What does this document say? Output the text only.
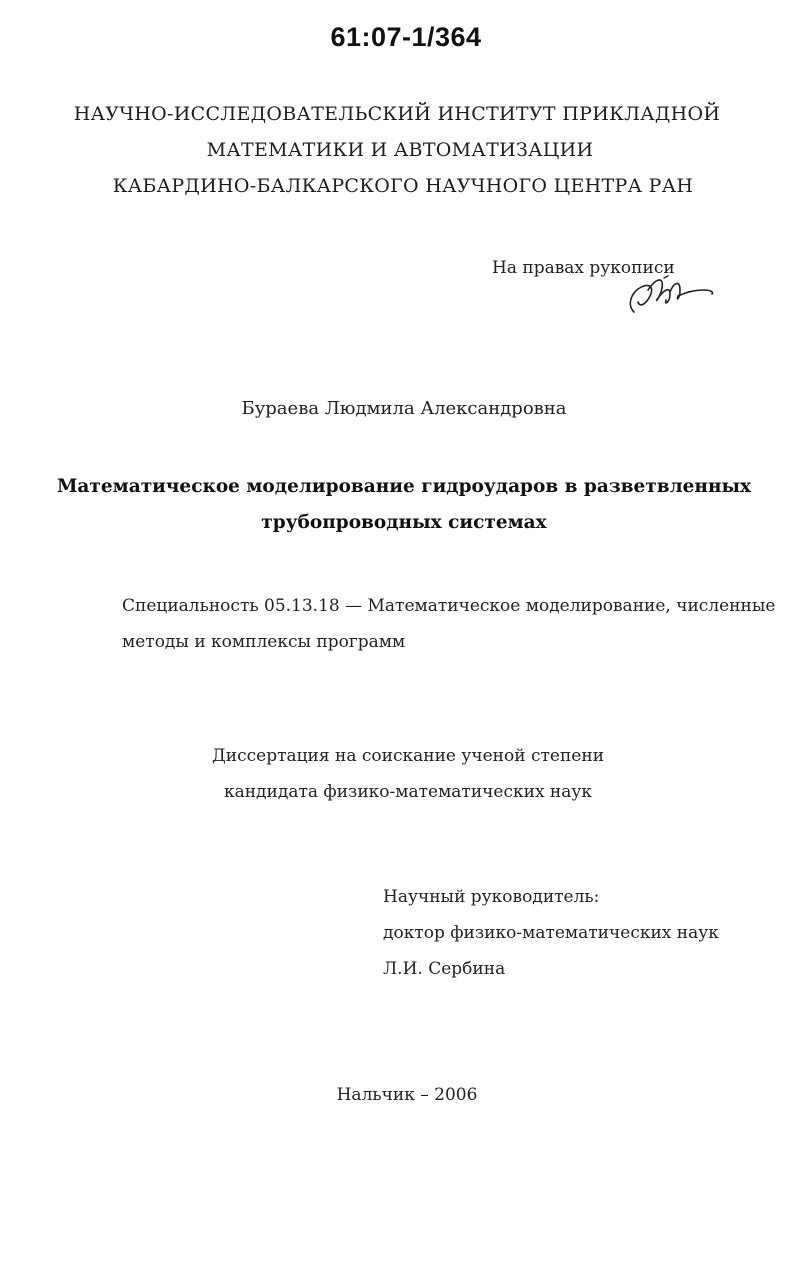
61:07-1/364
НАУЧНО-ИССЛЕДОВАТЕЛЬСКИЙ ИНСТИТУТ ПРИКЛАДНОЙ
МАТЕМАТИКИ И АВТОМАТИЗАЦИИ
КАБАРДИНО-БАЛКАРСКОГО НАУЧНОГО ЦЕНТРА РАН
На правах рукописи
Бураева Людмила Александровна
Математическое моделирование гидроударов в разветвленных
трубопроводных системах
Специальность 05.13.18 — Математическое моделирование, численные
методы и комплексы программ
Диссертация на соискание ученой степени
кандидата физико-математических наук
Научный руководитель:
доктор физико-математических наук
Л.И. Сербина
Нальчик – 2006
